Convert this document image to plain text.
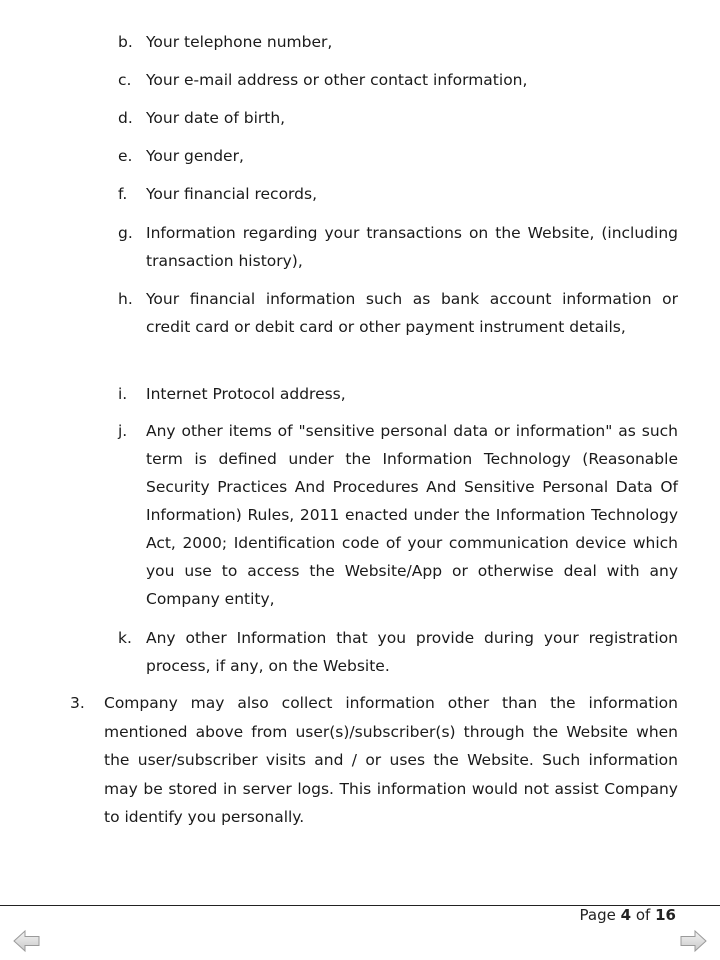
b. Your telephone number,
c. Your e-mail address or other contact information,
d. Your date of birth,
e. Your gender,
f. Your financial records,
g. Information regarding your transactions on the Website, (including transaction history),
h. Your financial information such as bank account information or credit card or debit card or other payment instrument details,
i. Internet Protocol address,
j. Any other items of "sensitive personal data or information" as such term is defined under the Information Technology (Reasonable Security Practices And Procedures And Sensitive Personal Data Of Information) Rules, 2011 enacted under the Information Technology Act, 2000; Identification code of your communication device which you use to access the Website/App or otherwise deal with any Company entity,
k. Any other Information that you provide during your registration process, if any, on the Website.
3. Company may also collect information other than the information mentioned above from user(s)/subscriber(s) through the Website when the user/subscriber visits and / or uses the Website. Such information may be stored in server logs. This information would not assist Company to identify you personally.
Page 4 of 16
